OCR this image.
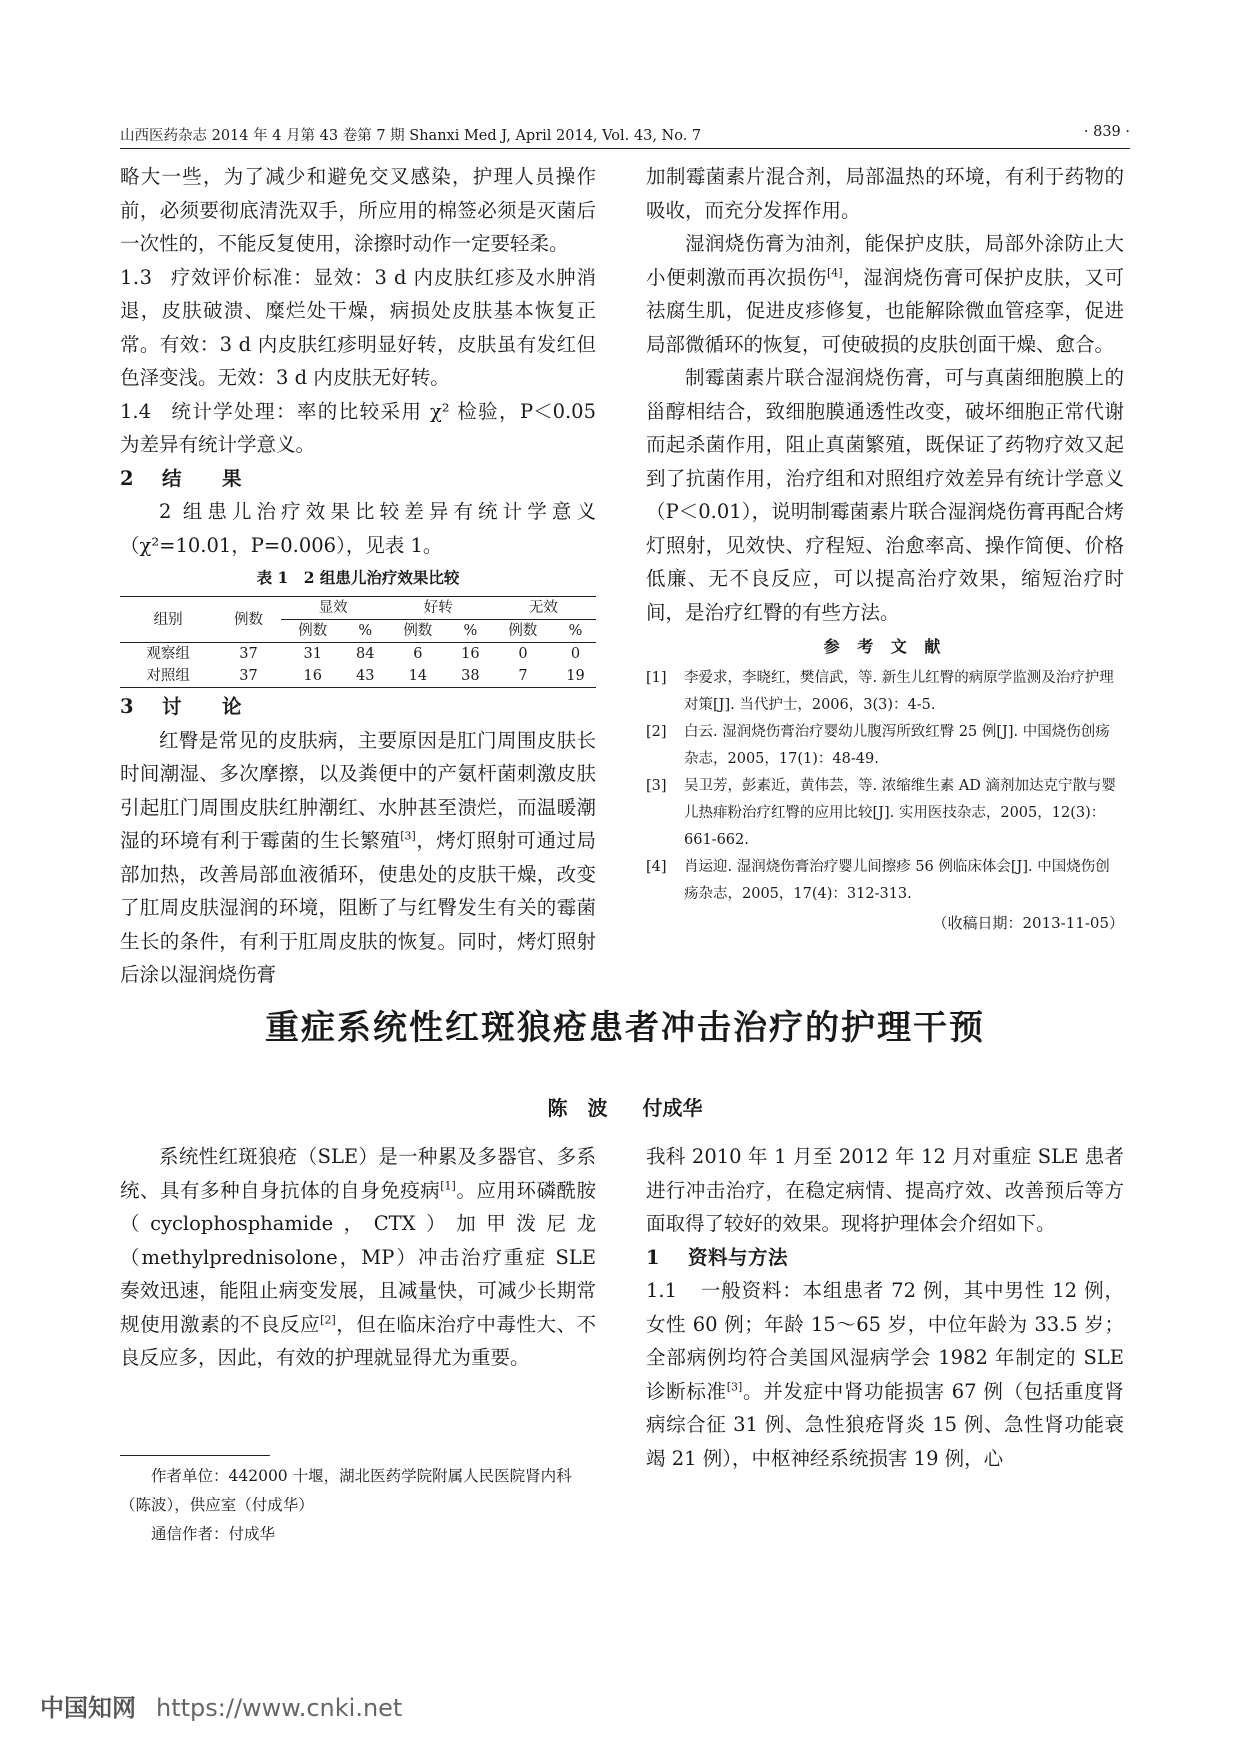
山西医药杂志 2014 年 4 月第 43 卷第 7 期 Shanxi Med J, April 2014, Vol. 43, No. 7	· 839 ·

略大一些，为了减少和避免交叉感染，护理人员操作前，必须要彻底清洗双手，所应用的棉签必须是灭菌后一次性的，不能反复使用，涂擦时动作一定要轻柔。

1.3 疗效评价标准：显效：3 d 内皮肤红疹及水肿消退，皮肤破溃、糜烂处干燥，病损处皮肤基本恢复正常。有效：3 d 内皮肤红疹明显好转，皮肤虽有发红但色泽变浅。无效：3 d 内皮肤无好转。

1.4 统计学处理：率的比较采用 χ² 检验，P＜0.05 为差异有统计学意义。

2 结　　果

2 组患儿治疗效果比较差异有统计学意义（χ²=10.01，P=0.006），见表 1。

表 1　2 组患儿治疗效果比较
组别	例数	显效		好转		无效	
		例数	%	例数	%	例数	%
观察组	37	31	84	6	16	0	0
对照组	37	16	43	14	38	7	19

3 讨　　论

红臀是常见的皮肤病，主要原因是肛门周围皮肤长时间潮湿、多次摩擦，以及粪便中的产氨杆菌刺激皮肤引起肛门周围皮肤红肿潮红、水肿甚至溃烂，而温暖潮湿的环境有利于霉菌的生长繁殖[3]，烤灯照射可通过局部加热，改善局部血液循环，使患处的皮肤干燥，改变了肛周皮肤湿润的环境，阻断了与红臀发生有关的霉菌生长的条件，有利于肛周皮肤的恢复。同时，烤灯照射后涂以湿润烧伤膏

加制霉菌素片混合剂，局部温热的环境，有利于药物的吸收，而充分发挥作用。

湿润烧伤膏为油剂，能保护皮肤，局部外涂防止大小便刺激而再次损伤[4]，湿润烧伤膏可保护皮肤，又可祛腐生肌，促进皮疹修复，也能解除微血管痉挛，促进局部微循环的恢复，可使破损的皮肤创面干燥、愈合。

制霉菌素片联合湿润烧伤膏，可与真菌细胞膜上的甾醇相结合，致细胞膜通透性改变，破坏细胞正常代谢而起杀菌作用，阻止真菌繁殖，既保证了药物疗效又起到了抗菌作用，治疗组和对照组疗效差异有统计学意义（P＜0.01），说明制霉菌素片联合湿润烧伤膏再配合烤灯照射，见效快、疗程短、治愈率高、操作简便、价格低廉、无不良反应，可以提高治疗效果，缩短治疗时间，是治疗红臀的有些方法。

参 考 文 献
[1]	李爱求，李晓红，樊信武，等. 新生儿红臀的病原学监测及治疗护理对策[J]. 当代护士，2006，3(3)：4-5.
[2]	白云. 湿润烧伤膏治疗婴幼儿腹泻所致红臀 25 例[J]. 中国烧伤创疡杂志，2005，17(1)：48-49.
[3]	吴卫芳，彭素近，黄伟芸，等. 浓缩维生素 AD 滴剂加达克宁散与婴儿热痱粉治疗红臀的应用比较[J]. 实用医技杂志，2005，12(3)：661-662.
[4]	肖运迎. 湿润烧伤膏治疗婴儿间擦疹 56 例临床体会[J]. 中国烧伤创疡杂志，2005，17(4)：312-313.
（收稿日期：2013-11-05）
重症系统性红斑狼疮患者冲击治疗的护理干预
陈　波 付成华

系统性红斑狼疮（SLE）是一种累及多器官、多系统、具有多种自身抗体的自身免疫病[1]。应用环磷酰胺（cyclophosphamide，CTX）加甲泼尼龙（methylprednisolone，MP）冲击治疗重症 SLE 奏效迅速，能阻止病变发展，且减量快，可减少长期常规使用激素的不良反应[2]，但在临床治疗中毒性大、不良反应多，因此，有效的护理就显得尤为重要。

作者单位：442000 十堰，湖北医药学院附属人民医院肾内科（陈波），供应室（付成华）

通信作者：付成华

我科 2010 年 1 月至 2012 年 12 月对重症 SLE 患者进行冲击治疗，在稳定病情、提高疗效、改善预后等方面取得了较好的效果。现将护理体会介绍如下。

1 资料与方法

1.1 一般资料：本组患者 72 例，其中男性 12 例，女性 60 例；年龄 15～65 岁，中位年龄为 33.5 岁；全部病例均符合美国风湿病学会 1982 年制定的 SLE 诊断标准[3]。并发症中肾功能损害 67 例（包括重度肾病综合征 31 例、急性狼疮肾炎 15 例、急性肾功能衰竭 21 例），中枢神经系统损害 19 例，心

中国知网 https://www.cnki.net
